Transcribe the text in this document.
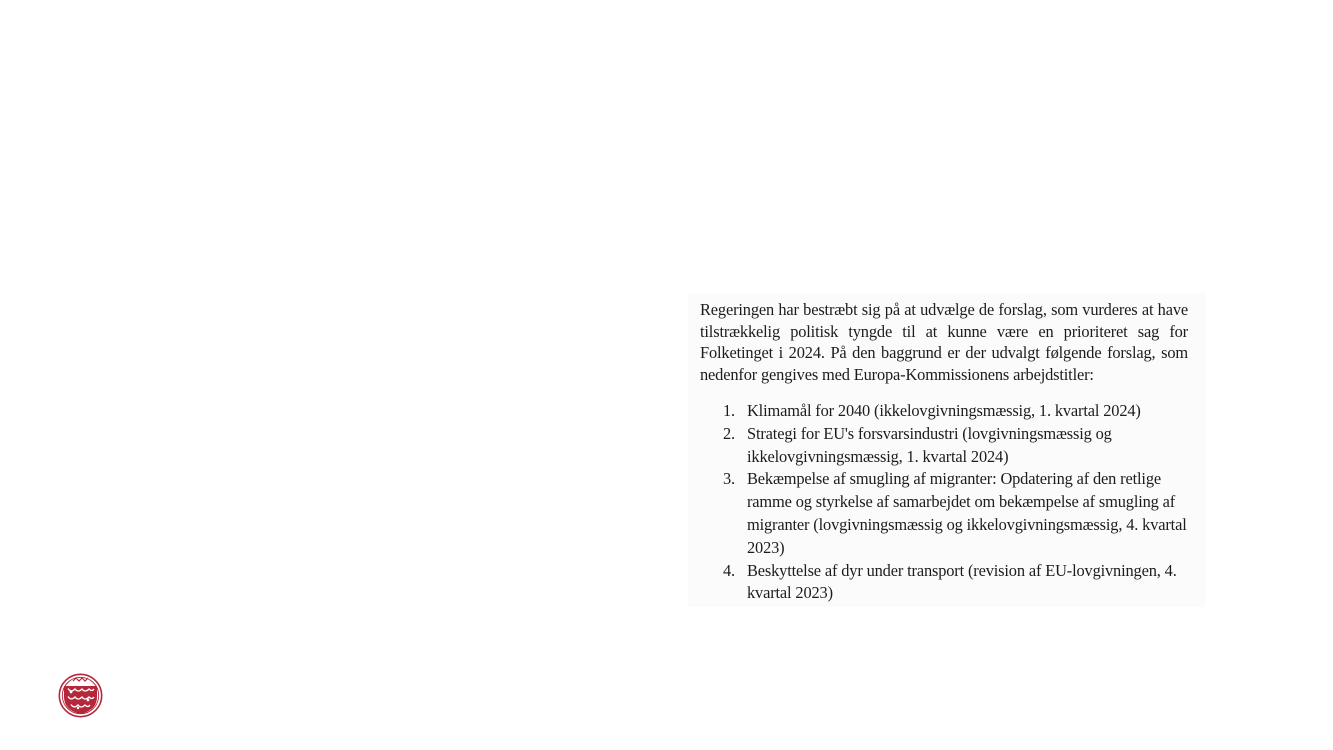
Regeringen har bestræbt sig på at udvælge de forslag, som vurderes at have tilstrækkelig politisk tyngde til at kunne være en prioriteret sag for Folketinget i 2024. På den baggrund er der udvalgt følgende forslag, som nedenfor gengives med Europa-Kommissionens arbejdstitler:

1. Klimamål for 2040 (ikkelovgivningsmæssig, 1. kvartal 2024)
2. Strategi for EU's forsvarsindustri (lovgivningsmæssig og ikkelovgivningsmæssig, 1. kvartal 2024)
3. Bekæmpelse af smugling af migranter: Opdatering af den retlige ramme og styrkelse af samarbejdet om bekæmpelse af smugling af migranter (lovgivningsmæssig og ikkelovgivningsmæssig, 4. kvartal 2023)
4. Beskyttelse af dyr under transport (revision af EU-lovgivningen, 4. kvartal 2023)
